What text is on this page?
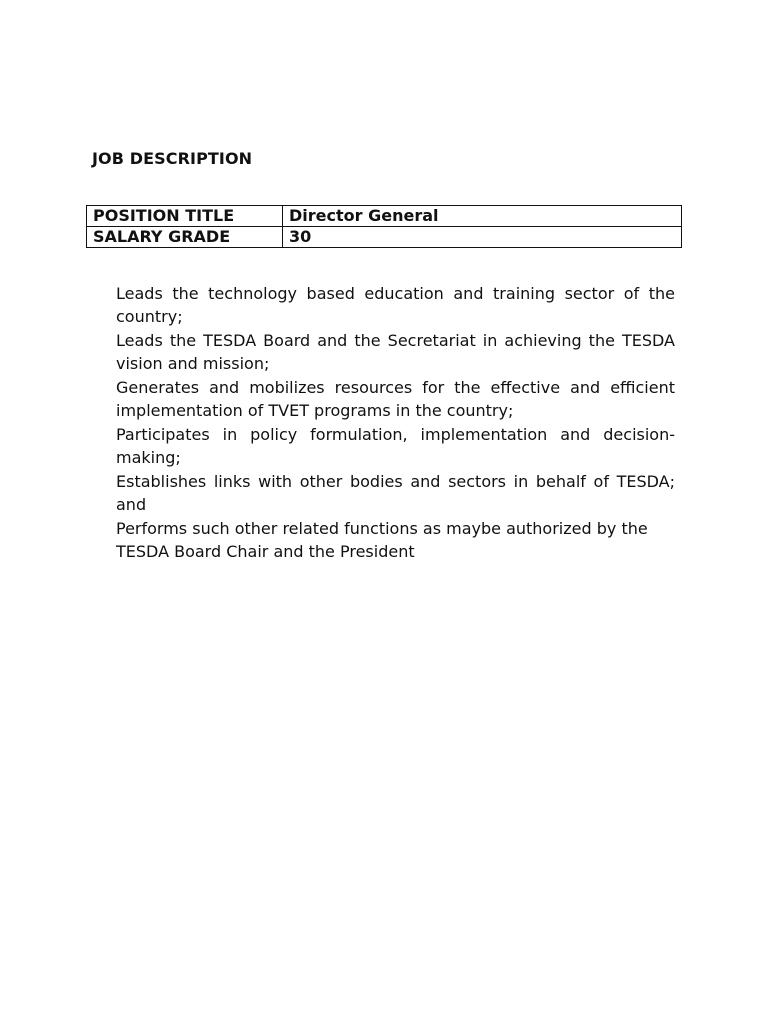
JOB DESCRIPTION
POSITION TITLE	Director General
SALARY GRADE	30
Leads the technology based education and training sector of the country;
Leads the TESDA Board and the Secretariat in achieving the TESDA vision and mission;
Generates and mobilizes resources for the effective and efficient implementation of TVET programs in the country;
Participates in policy formulation, implementation and decision-making;
Establishes links with other bodies and sectors in behalf of TESDA; and
Performs such other related functions as maybe authorized by the TESDA Board Chair and the President
